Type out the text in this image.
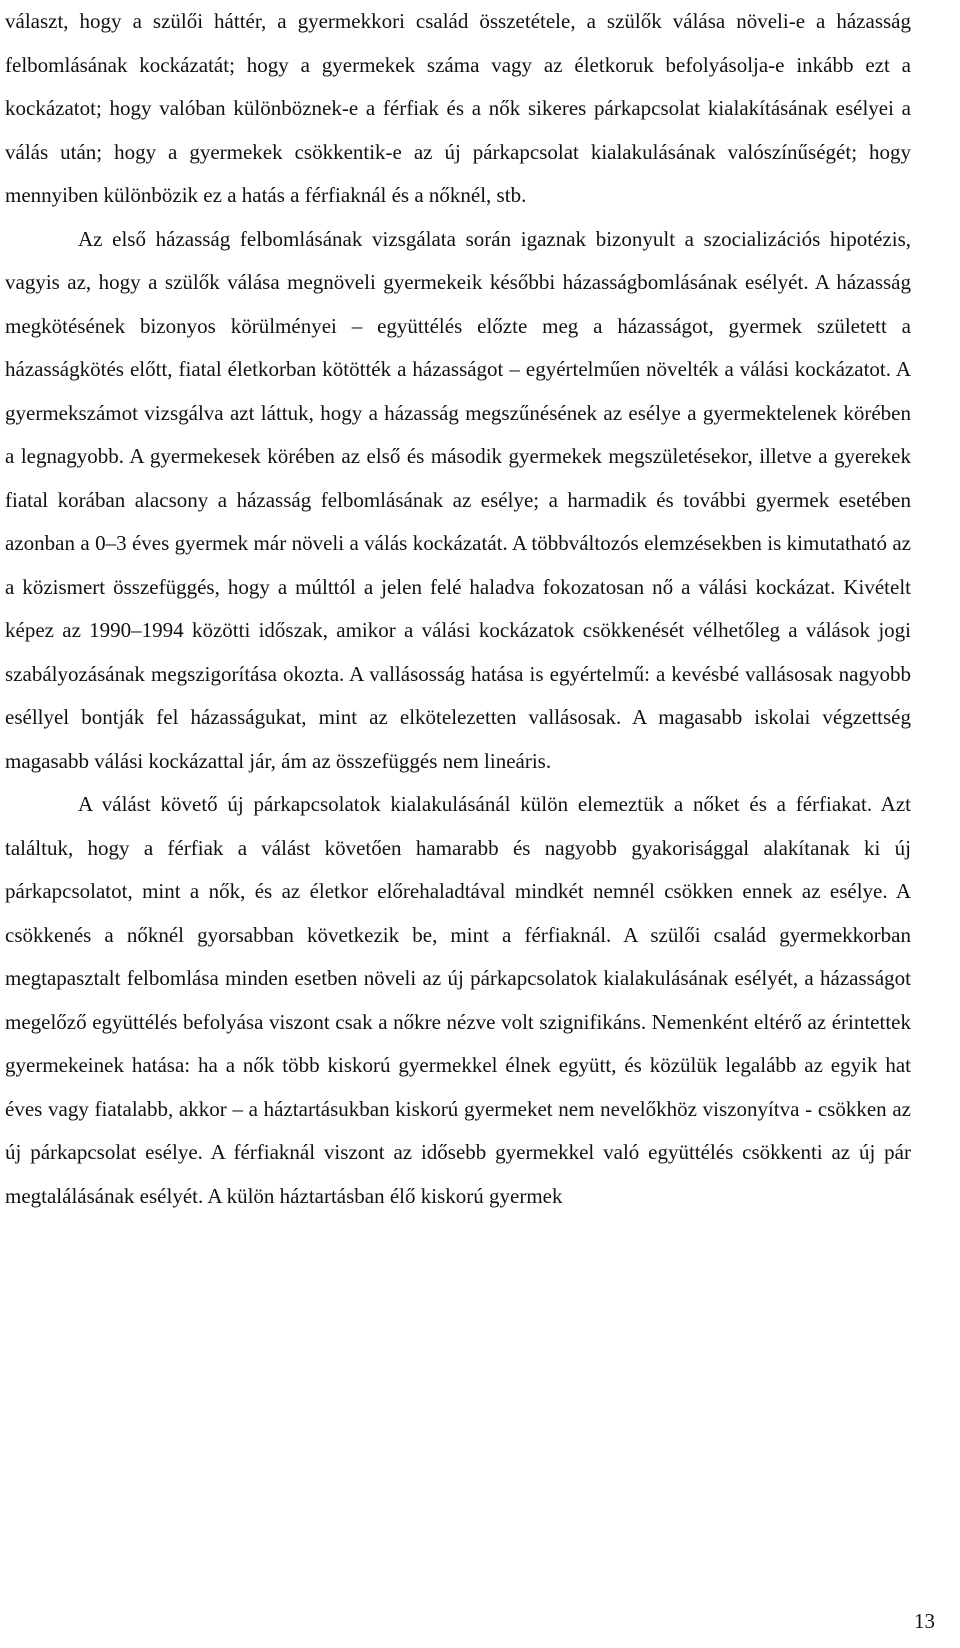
választ, hogy a szülői háttér, a gyermekkori család összetétele, a szülők válása növeli-e a házasság felbomlásának kockázatát; hogy a gyermekek száma vagy az életkoruk befolyásolja-e inkább ezt a kockázatot; hogy valóban különböznek-e a férfiak és a nők sikeres párkapcsolat kialakításának esélyei a válás után; hogy a gyermekek csökkentik-e az új párkapcsolat kialakulásának valószínűségét; hogy mennyiben különbözik ez a hatás a férfiaknál és a nőknél, stb.

Az első házasság felbomlásának vizsgálata során igaznak bizonyult a szocializációs hipotézis, vagyis az, hogy a szülők válása megnöveli gyermekeik későbbi házasságbomlásának esélyét. A házasság megkötésének bizonyos körülményei – együttélés előzte meg a házasságot, gyermek született a házasságkötés előtt, fiatal életkorban kötötték a házasságot – egyértelműen növelték a válási kockázatot. A gyermekszámot vizsgálva azt láttuk, hogy a házasság megszűnésének az esélye a gyermektelenek körében a legnagyobb. A gyermekesek körében az első és második gyermekek megszületésekor, illetve a gyerekek fiatal korában alacsony a házasság felbomlásának az esélye; a harmadik és további gyermek esetében azonban a 0–3 éves gyermek már növeli a válás kockázatát. A többváltozós elemzésekben is kimutatható az a közismert összefüggés, hogy a múlttól a jelen felé haladva fokozatosan nő a válási kockázat. Kivételt képez az 1990–1994 közötti időszak, amikor a válási kockázatok csökkenését vélhetőleg a válások jogi szabályozásának megszigorítása okozta. A vallásosság hatása is egyértelmű: a kevésbé vallásosak nagyobb eséllyel bontják fel házasságukat, mint az elkötelezetten vallásosak. A magasabb iskolai végzettség magasabb válási kockázattal jár, ám az összefüggés nem lineáris.

A válást követő új párkapcsolatok kialakulásánál külön elemeztük a nőket és a férfiakat. Azt találtuk, hogy a férfiak a válást követően hamarabb és nagyobb gyakorisággal alakítanak ki új párkapcsolatot, mint a nők, és az életkor előrehaladtával mindkét nemnél csökken ennek az esélye. A csökkenés a nőknél gyorsabban következik be, mint a férfiaknál. A szülői család gyermekkorban megtapasztalt felbomlása minden esetben növeli az új párkapcsolatok kialakulásának esélyét, a házasságot megelőző együttélés befolyása viszont csak a nőkre nézve volt szignifikáns. Nemenként eltérő az érintettek gyermekeinek hatása: ha a nők több kiskorú gyermekkel élnek együtt, és közülük legalább az egyik hat éves vagy fiatalabb, akkor – a háztartásukban kiskorú gyermeket nem nevelőkhöz viszonyítva - csökken az új párkapcsolat esélye. A férfiaknál viszont az idősebb gyermekkel való együttélés csökkenti az új pár megtalálásának esélyét. A külön háztartásban élő kiskorú gyermek

13
